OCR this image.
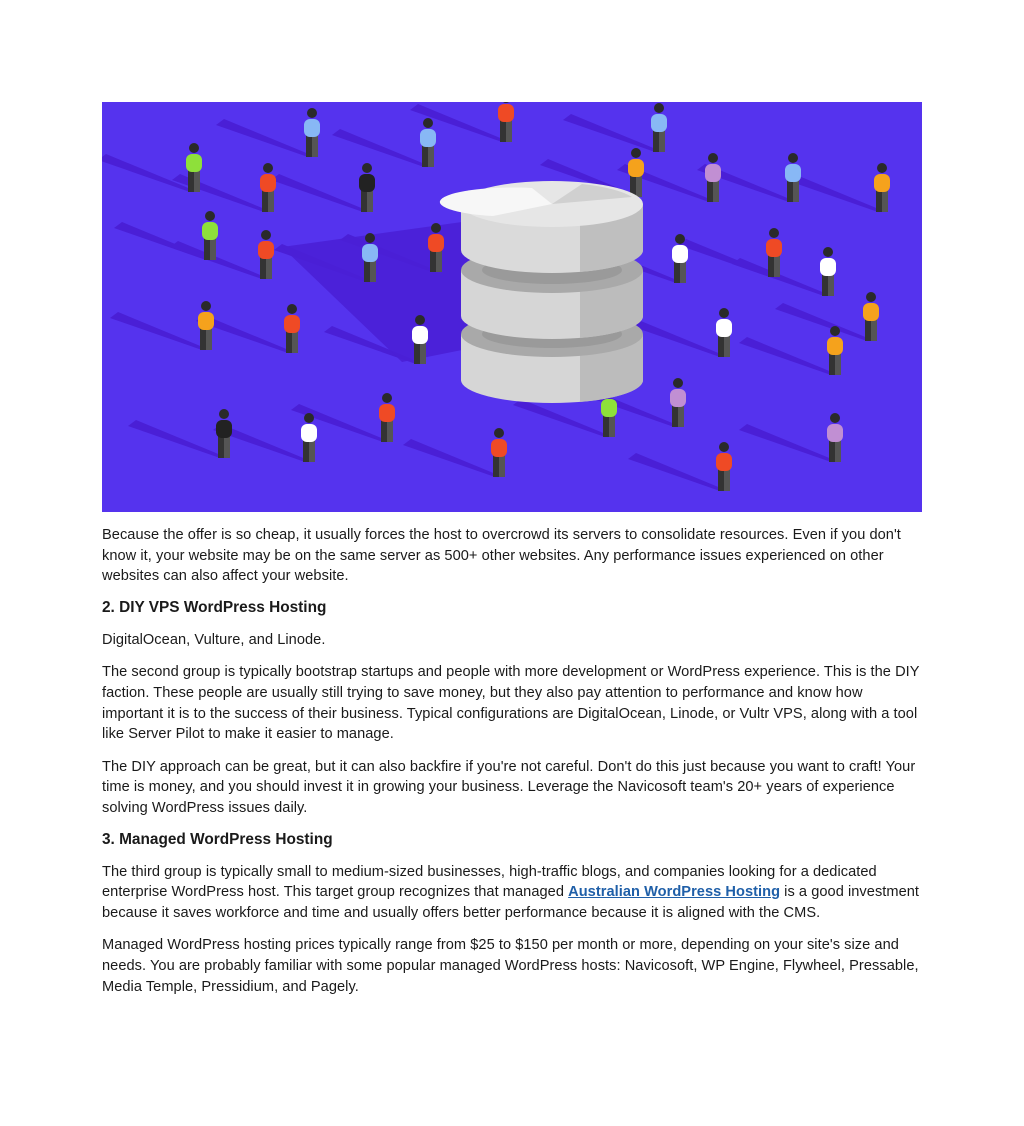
Because the offer is so cheap, it usually forces the host to overcrowd its servers to consolidate resources. Even if you don't know it, your website may be on the same server as 500+ other websites. Any performance issues experienced on other websites can also affect your website.

2. DIY VPS WordPress Hosting

DigitalOcean, Vulture, and Linode.

The second group is typically bootstrap startups and people with more development or WordPress experience. This is the DIY faction. These people are usually still trying to save money, but they also pay attention to performance and know how important it is to the success of their business. Typical configurations are DigitalOcean, Linode, or Vultr VPS, along with a tool like Server Pilot to make it easier to manage.

The DIY approach can be great, but it can also backfire if you're not careful. Don't do this just because you want to craft! Your time is money, and you should invest it in growing your business. Leverage the Navicosoft team's 20+ years of experience solving WordPress issues daily.

3. Managed WordPress Hosting

The third group is typically small to medium-sized businesses, high-traffic blogs, and companies looking for a dedicated enterprise WordPress host. This target group recognizes that managed Australian WordPress Hosting is a good investment because it saves workforce and time and usually offers better performance because it is aligned with the CMS.

Managed WordPress hosting prices typically range from $25 to $150 per month or more, depending on your site's size and needs. You are probably familiar with some popular managed WordPress hosts: Navicosoft, WP Engine, Flywheel, Pressable, Media Temple, Pressidium, and Pagely.
